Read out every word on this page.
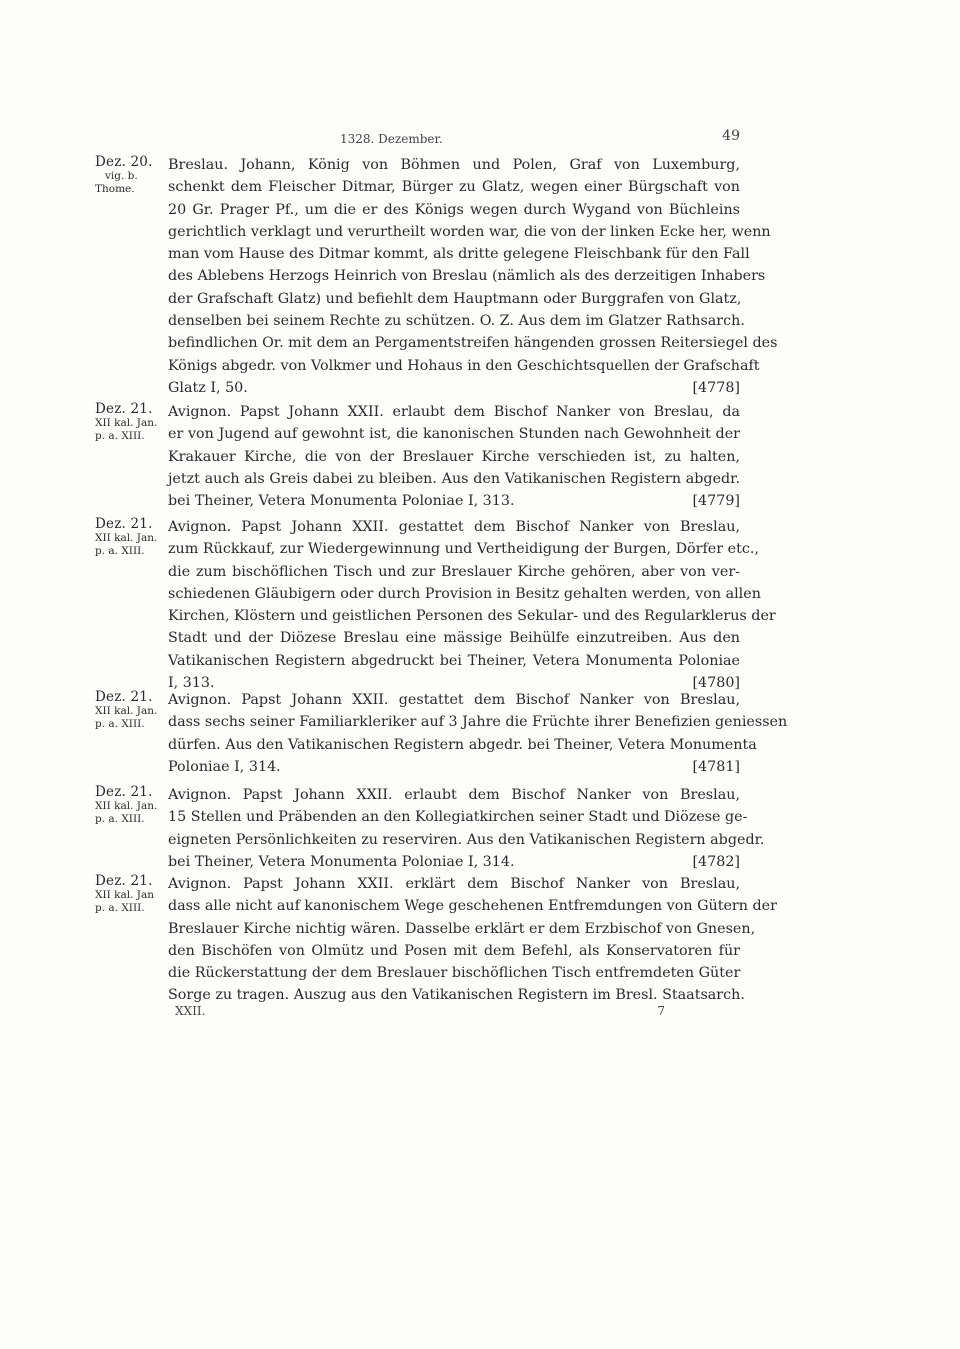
1328. Dezember.	49
Dez. 20.
vig. b.
Thome.
Breslau. Johann, König von Böhmen und Polen, Graf von Luxemburg,
schenkt dem Fleischer Ditmar, Bürger zu Glatz, wegen einer Bürgschaft von
20 Gr. Prager Pf., um die er des Königs wegen durch Wygand von Büchleins
gerichtlich verklagt und verurtheilt worden war, die von der linken Ecke her, wenn
man vom Hause des Ditmar kommt, als dritte gelegene Fleischbank für den Fall
des Ablebens Herzogs Heinrich von Breslau (nämlich als des derzeitigen Inhabers
der Grafschaft Glatz) und befiehlt dem Hauptmann oder Burggrafen von Glatz,
denselben bei seinem Rechte zu schützen. O. Z. Aus dem im Glatzer Rathsarch.
befindlichen Or. mit dem an Pergamentstreifen hängenden grossen Reitersiegel des
Königs abgedr. von Volkmer und Hohaus in den Geschichtsquellen der Grafschaft
Glatz I, 50.	[4778]
Dez. 21.
XII kal. Jan.
p. a. XIII.
Avignon. Papst Johann XXII. erlaubt dem Bischof Nanker von Breslau, da
er von Jugend auf gewohnt ist, die kanonischen Stunden nach Gewohnheit der
Krakauer Kirche, die von der Breslauer Kirche verschieden ist, zu halten,
jetzt auch als Greis dabei zu bleiben. Aus den Vatikanischen Registern abgedr.
bei Theiner, Vetera Monumenta Poloniae I, 313.	[4779]
Dez. 21.
XII kal. Jan.
p. a. XIII.
Avignon. Papst Johann XXII. gestattet dem Bischof Nanker von Breslau,
zum Rückkauf, zur Wiedergewinnung und Vertheidigung der Burgen, Dörfer etc.,
die zum bischöflichen Tisch und zur Breslauer Kirche gehören, aber von ver-
schiedenen Gläubigern oder durch Provision in Besitz gehalten werden, von allen
Kirchen, Klöstern und geistlichen Personen des Sekular- und des Regularklerus der
Stadt und der Diözese Breslau eine mässige Beihülfe einzutreiben. Aus den
Vatikanischen Registern abgedruckt bei Theiner, Vetera Monumenta Poloniae
I, 313.	[4780]
Dez. 21.
XII kal. Jan.
p. a. XIII.
Avignon. Papst Johann XXII. gestattet dem Bischof Nanker von Breslau,
dass sechs seiner Familiarkleriker auf 3 Jahre die Früchte ihrer Benefizien geniessen
dürfen. Aus den Vatikanischen Registern abgedr. bei Theiner, Vetera Monumenta
Poloniae I, 314.	[4781]
Dez. 21.
XII kal. Jan.
p. a. XIII.
Avignon. Papst Johann XXII. erlaubt dem Bischof Nanker von Breslau,
15 Stellen und Präbenden an den Kollegiatkirchen seiner Stadt und Diözese ge-
eigneten Persönlichkeiten zu reserviren. Aus den Vatikanischen Registern abgedr.
bei Theiner, Vetera Monumenta Poloniae I, 314.	[4782]
Dez. 21.
XII kal. Jan
p. a. XIII.
Avignon. Papst Johann XXII. erklärt dem Bischof Nanker von Breslau,
dass alle nicht auf kanonischem Wege geschehenen Entfremdungen von Gütern der
Breslauer Kirche nichtig wären. Dasselbe erklärt er dem Erzbischof von Gnesen,
den Bischöfen von Olmütz und Posen mit dem Befehl, als Konservatoren für
die Rückerstattung der dem Breslauer bischöflichen Tisch entfremdeten Güter
Sorge zu tragen. Auszug aus den Vatikanischen Registern im Bresl. Staatsarch.
XXII.	7
